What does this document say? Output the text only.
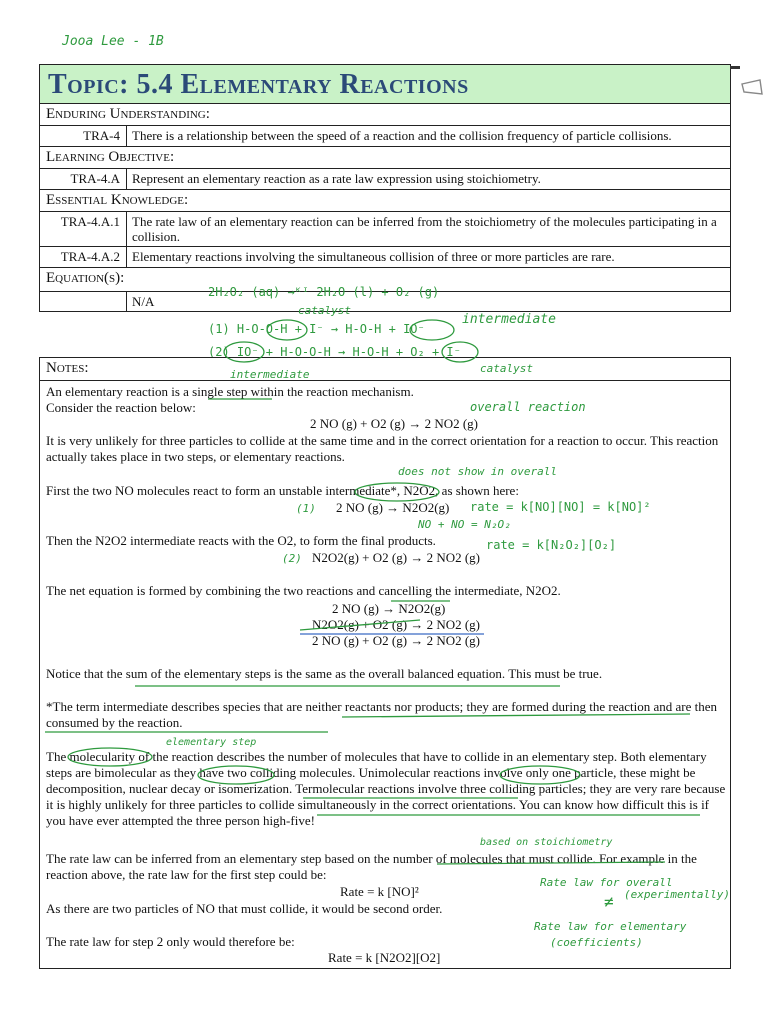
Jooa Lee - 1B
Topic: 5.4 Elementary Reactions
Enduring Understanding:
TRA-4 There is a relationship between the speed of a reaction and the collision frequency of particle collisions.
Learning Objective:
TRA-4.A Represent an elementary reaction as a rate law expression using stoichiometry.
Essential Knowledge:
TRA-4.A.1 The rate law of an elementary reaction can be inferred from the stoichiometry of the molecules participating in a collision.
TRA-4.A.2 Elementary reactions involving the simultaneous collision of three or more particles are rare.
Equation(s):
N/A
2H₂O₂ (aq) →ᴷᴵ 2H₂O (l) + O₂ (g)
catalyst
(1) H-O-O-H + I⁻ → H-O-H + IO⁻
intermediate
(2) IO⁻ + H-O-O-H → H-O-H + O₂ + I⁻
intermediate	catalyst
Notes:
An elementary reaction is a single step within the reaction mechanism.
Consider the reaction below:
2 NO (g) + O2 (g) → 2 NO2 (g)
It is very unlikely for three particles to collide at the same time and in the correct orientation for a reaction to occur. This reaction actually takes place in two steps, or elementary reactions.
First the two NO molecules react to form an unstable intermediate*, N2O2, as shown here:
2 NO (g) → N2O2(g)
Then the N2O2 intermediate reacts with the O2, to form the final products.
N2O2(g) + O2 (g) → 2 NO2 (g)
The net equation is formed by combining the two reactions and cancelling the intermediate, N2O2.
2 NO (g) → N2O2(g)
N2O2(g) + O2 (g) → 2 NO2 (g)
2 NO (g) + O2 (g) → 2 NO2 (g)
Notice that the sum of the elementary steps is the same as the overall balanced equation. This must be true.
*The term intermediate describes species that are neither reactants nor products; they are formed during the reaction and are then consumed by the reaction.
The molecularity of the reaction describes the number of molecules that have to collide in an elementary step. Both elementary steps are bimolecular as they have two colliding molecules. Unimolecular reactions involve only one particle, these might be decomposition, nuclear decay or isomerization. Termolecular reactions involve three colliding particles; they are very rare because it is highly unlikely for three particles to collide simultaneously in the correct orientations. You can know how difficult this is if you have ever attempted the three person high-five!
The rate law can be inferred from an elementary step based on the number of molecules that must collide. For example in the reaction above, the rate law for the first step could be:
Rate = k [NO]²
As there are two particles of NO that must collide, it would be second order.
The rate law for step 2 only would therefore be:
Rate = k [N2O2][O2]
overall reaction
does not show in overall
(1)	rate = k[NO][NO] = k[NO]²
NO + NO = N₂O₂
rate = k[N₂O₂][O₂]
(2)
elementary step
based on stoichiometry
Rate law for overall
≠ (experimentally)
Rate law for elementary
(coefficients)
